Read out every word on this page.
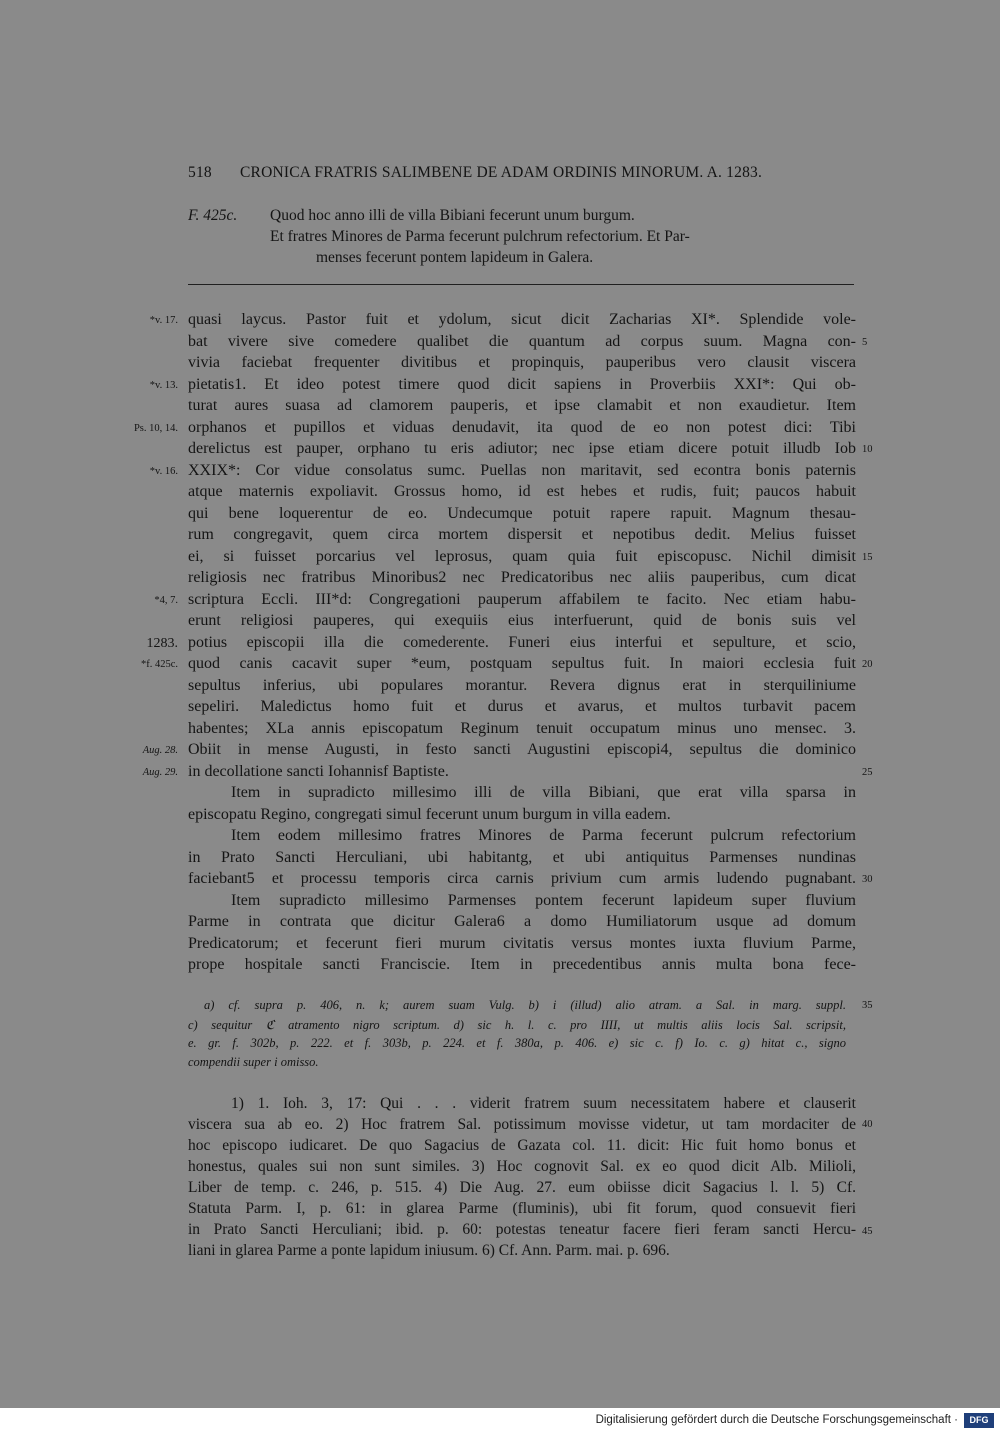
518 CRONICA FRATRIS SALIMBENE DE ADAM ORDINIS MINORUM. A. 1283.
F. 425c. Quod hoc anno illi de villa Bibiani fecerunt unum burgum.
Et fratres Minores de Parma fecerunt pulchrum refectorium. Et Par-
menses fecerunt pontem lapideum in Galera.
quasi laycus. Pastor fuit et ydolum, sicut dicit Zacharias XI*. Splendide vole-
bat vivere sive comedere qualibet die quantum ad corpus suum. Magna con-
vivia faciebat frequenter divitibus et propinquis, pauperibus vero clausit viscera
pietatis1. Et ideo potest timere quod dicit sapiens in Proverbiis XXI*: Qui ob-
turat aures suasa ad clamorem pauperis, et ipse clamabit et non exaudietur. Item
orphanos et pupillos et viduas denudavit, ita quod de eo non potest dici: Tibi
derelictus est pauper, orphano tu eris adiutor; nec ipse etiam dicere potuit illudb Iob
XXIX*: Cor vidue consolatus sumc. Puellas non maritavit, sed econtra bonis paternis
atque maternis expoliavit. Grossus homo, id est hebes et rudis, fuit; paucos habuit
qui bene loquerentur de eo. Undecumque potuit rapere rapuit. Magnum thesau-
rum congregavit, quem circa mortem dispersit et nepotibus dedit. Melius fuisset
ei, si fuisset porcarius vel leprosus, quam quia fuit episcopusc. Nichil dimisit
religiosis nec fratribus Minoribus2 nec Predicatoribus nec aliis pauperibus, cum dicat
scriptura Eccli. III*d: Congregationi pauperum affabilem te facito. Nec etiam habu-
erunt religiosi pauperes, qui exequiis eius interfuerunt, quid de bonis suis vel
potius episcopii illa die comederente. Funeri eius interfui et sepulture, et scio,
quod canis cacavit super *eum, postquam sepultus fuit. In maiori ecclesia fuit
sepultus inferius, ubi populares morantur. Revera dignus erat in sterquiliniume
sepeliri. Maledictus homo fuit et durus et avarus, et multos turbavit pacem
habentes; XLa annis episcopatum Reginum tenuit occupatum minus uno mensec. 3.
Obiit in mense Augusti, in festo sancti Augustini episcopi4, sepultus die dominico
in decollatione sancti Iohannisf Baptiste.
Item in supradicto millesimo illi de villa Bibiani, que erat villa sparsa in
episcopatu Regino, congregati simul fecerunt unum burgum in villa eadem.
Item eodem millesimo fratres Minores de Parma fecerunt pulcrum refectorium
in Prato Sancti Herculiani, ubi habitantg, et ubi antiquitus Parmenses nundinas
faciebant5 et processu temporis circa carnis privium cum armis ludendo pugnabant.
Item supradicto millesimo Parmenses pontem fecerunt lapideum super fluvium
Parme in contrata que dicitur Galera6 a domo Humiliatorum usque ad domum
Predicatorum; et fecerunt fieri murum civitatis versus montes iuxta fluvium Parme,
prope hospitale sancti Franciscie. Item in precedentibus annis multa bona fece-
*v. 17.
*v. 13.
Ps. 10, 14.
*v. 16.
*4, 7.
1283.
*f. 425c.
Aug. 28.
Aug. 29.
5
10
15
20
25
30
35
40
45
a) cf. supra p. 406, n. k; aurem suam Vulg. b) i (illud) alio atram. a Sal. in marg. suppl.
c) sequitur ℭ atramento nigro scriptum. d) sic h. l. c. pro IIII, ut multis aliis locis Sal. scripsit,
e. gr. f. 302b, p. 222. et f. 303b, p. 224. et f. 380a, p. 406. e) sic c. f) Io. c. g) hitat c., signo
compendii super i omisso.
1) 1. Ioh. 3, 17: Qui . . . viderit fratrem suum necessitatem habere et clauserit
viscera sua ab eo. 2) Hoc fratrem Sal. potissimum movisse videtur, ut tam mordaciter de
hoc episcopo iudicaret. De quo Sagacius de Gazata col. 11. dicit: Hic fuit homo bonus et
honestus, quales sui non sunt similes. 3) Hoc cognovit Sal. ex eo quod dicit Alb. Milioli,
Liber de temp. c. 246, p. 515. 4) Die Aug. 27. eum obiisse dicit Sagacius l. l. 5) Cf.
Statuta Parm. I, p. 61: in glarea Parme (fluminis), ubi fit forum, quod consuevit fieri
in Prato Sancti Herculiani; ibid. p. 60: potestas teneatur facere fieri feram sancti Hercu-
liani in glarea Parme a ponte lapidum iniusum. 6) Cf. Ann. Parm. mai. p. 696.
Digitalisierung gefördert durch die Deutsche Forschungsgemeinschaft ·	DFG
